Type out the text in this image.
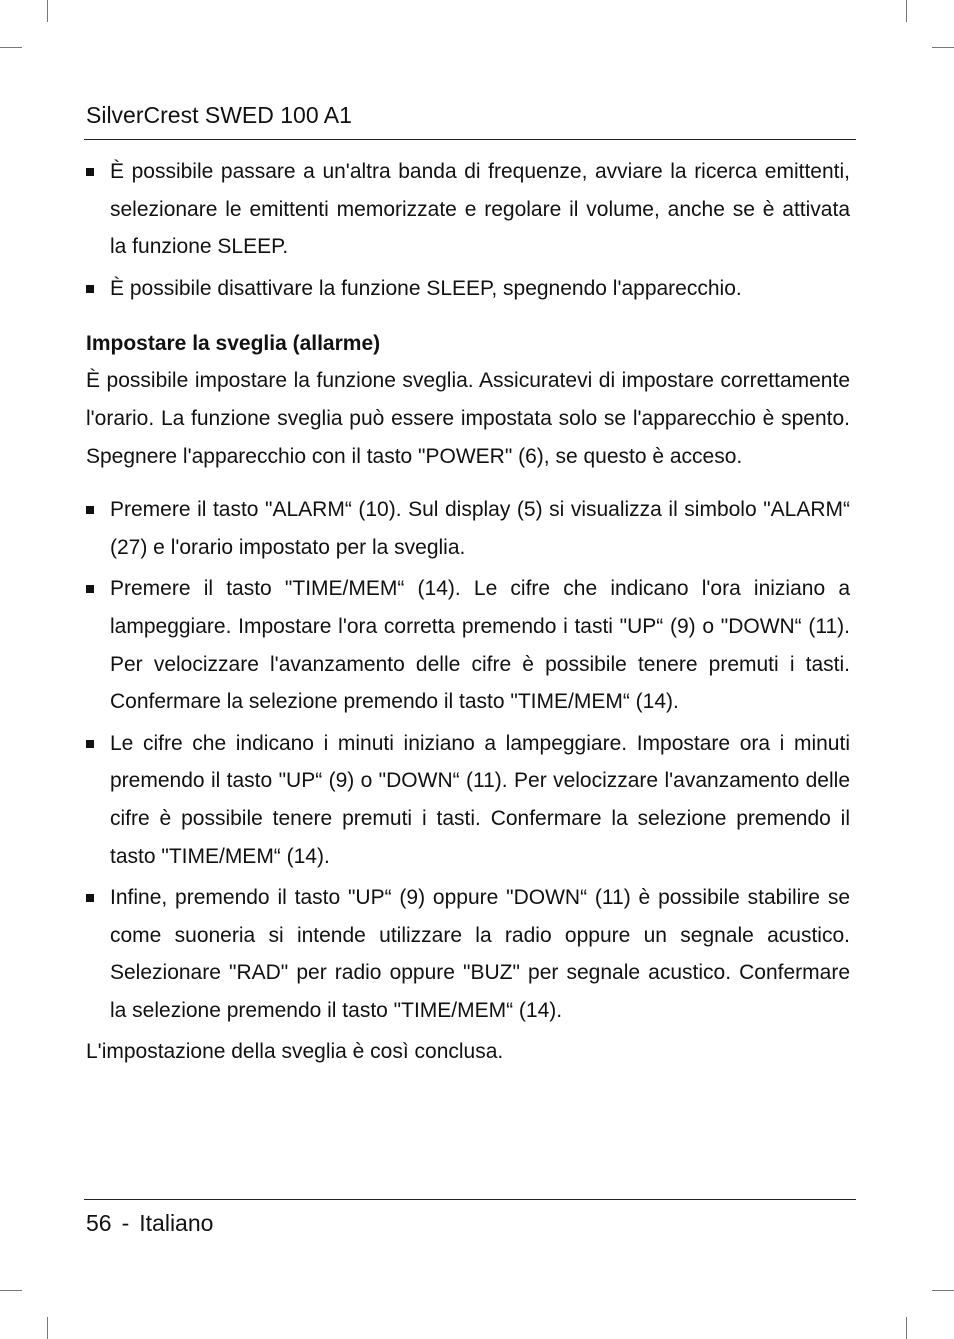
SilverCrest SWED 100 A1
È possibile passare a un'altra banda di frequenze, avviare la ricerca emittenti, selezionare le emittenti memorizzate e regolare il volume, anche se è attivata la funzione SLEEP.
È possibile disattivare la funzione SLEEP, spegnendo l'apparecchio.
Impostare la sveglia (allarme)

È possibile impostare la funzione sveglia. Assicuratevi di impostare correttamente l'orario. La funzione sveglia può essere impostata solo se l'apparecchio è spento. Spegnere l'apparecchio con il tasto "POWER" (6), se questo è acceso.

Premere il tasto "ALARM“ (10). Sul display (5) si visualizza il simbolo "ALARM“ (27) e l'orario impostato per la sveglia.
Premere il tasto "TIME/MEM“ (14). Le cifre che indicano l'ora iniziano a lampeggiare. Impostare l'ora corretta premendo i tasti "UP“ (9) o "DOWN“ (11). Per velocizzare l'avanzamento delle cifre è possibile tenere premuti i tasti. Confermare la selezione premendo il tasto "TIME/MEM“ (14).
Le cifre che indicano i minuti iniziano a lampeggiare. Impostare ora i minuti premendo il tasto "UP“ (9) o "DOWN“ (11). Per velocizzare l'avanzamento delle cifre è possibile tenere premuti i tasti. Confermare la selezione premendo il tasto "TIME/MEM“ (14).
Infine, premendo il tasto "UP“ (9) oppure "DOWN“ (11) è possibile stabilire se come suoneria si intende utilizzare la radio oppure un segnale acustico. Selezionare "RAD" per radio oppure "BUZ" per segnale acustico. Confermare la selezione premendo il tasto "TIME/MEM“ (14).

L'impostazione della sveglia è così conclusa.

56 - Italiano
